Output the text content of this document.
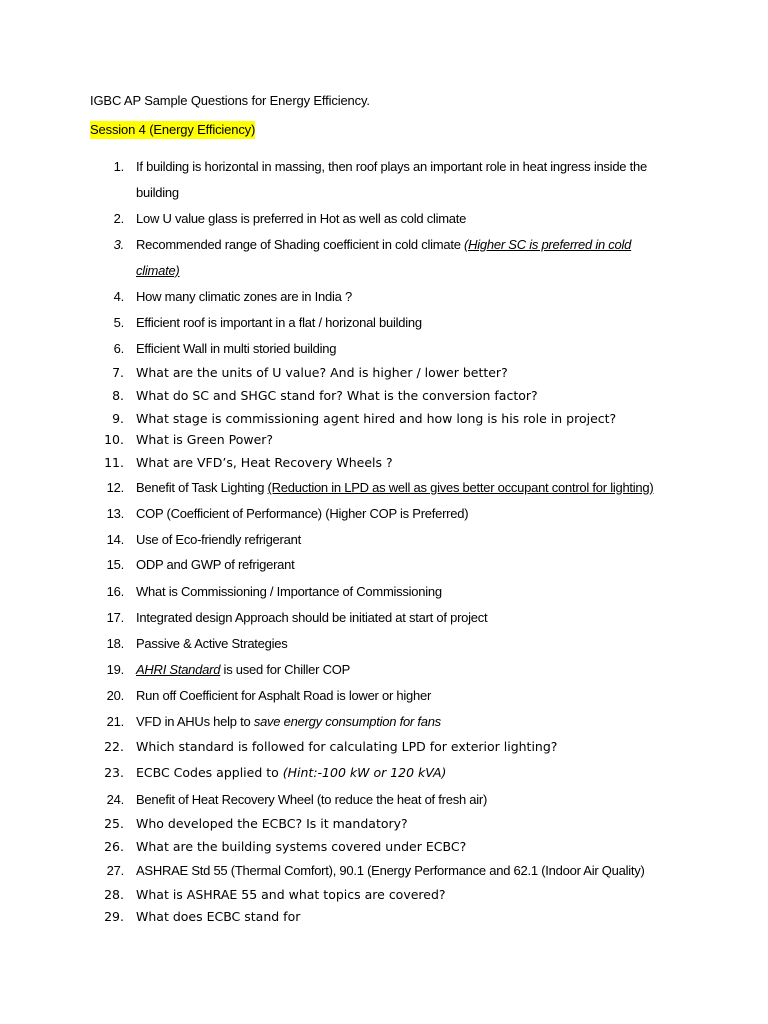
IGBC AP Sample Questions for Energy Efficiency.
Session 4 (Energy Efficiency)
1. If building is horizontal in massing, then roof plays an important role in heat ingress inside the
building
2. Low U value glass is preferred in Hot as well as cold climate
3. Recommended range of Shading coefficient in cold climate (Higher SC is preferred in cold
climate)
4. How many climatic zones are in India ?
5. Efficient roof is important in a flat / horizonal building
6. Efficient Wall in multi storied building
7. What are the units of U value? And is higher / lower better?
8. What do SC and SHGC stand for? What is the conversion factor?
9. What stage is commissioning agent hired and how long is his role in project?
10. What is Green Power?
11. What are VFD’s, Heat Recovery Wheels ?
12. Benefit of Task Lighting (Reduction in LPD as well as gives better occupant control for lighting)
13. COP (Coefficient of Performance) (Higher COP is Preferred)
14. Use of Eco-friendly refrigerant
15. ODP and GWP of refrigerant
16. What is Commissioning / Importance of Commissioning
17. Integrated design Approach should be initiated at start of project
18. Passive & Active Strategies
19. AHRI Standard is used for Chiller COP
20. Run off Coefficient for Asphalt Road is lower or higher
21. VFD in AHUs help to save energy consumption for fans
22. Which standard is followed for calculating LPD for exterior lighting?
23. ECBC Codes applied to (Hint:-100 kW or 120 kVA)
24. Benefit of Heat Recovery Wheel (to reduce the heat of fresh air)
25. Who developed the ECBC? Is it mandatory?
26. What are the building systems covered under ECBC?
27. ASHRAE Std 55 (Thermal Comfort), 90.1 (Energy Performance and 62.1 (Indoor Air Quality)
28. What is ASHRAE 55 and what topics are covered?
29. What does ECBC stand for
